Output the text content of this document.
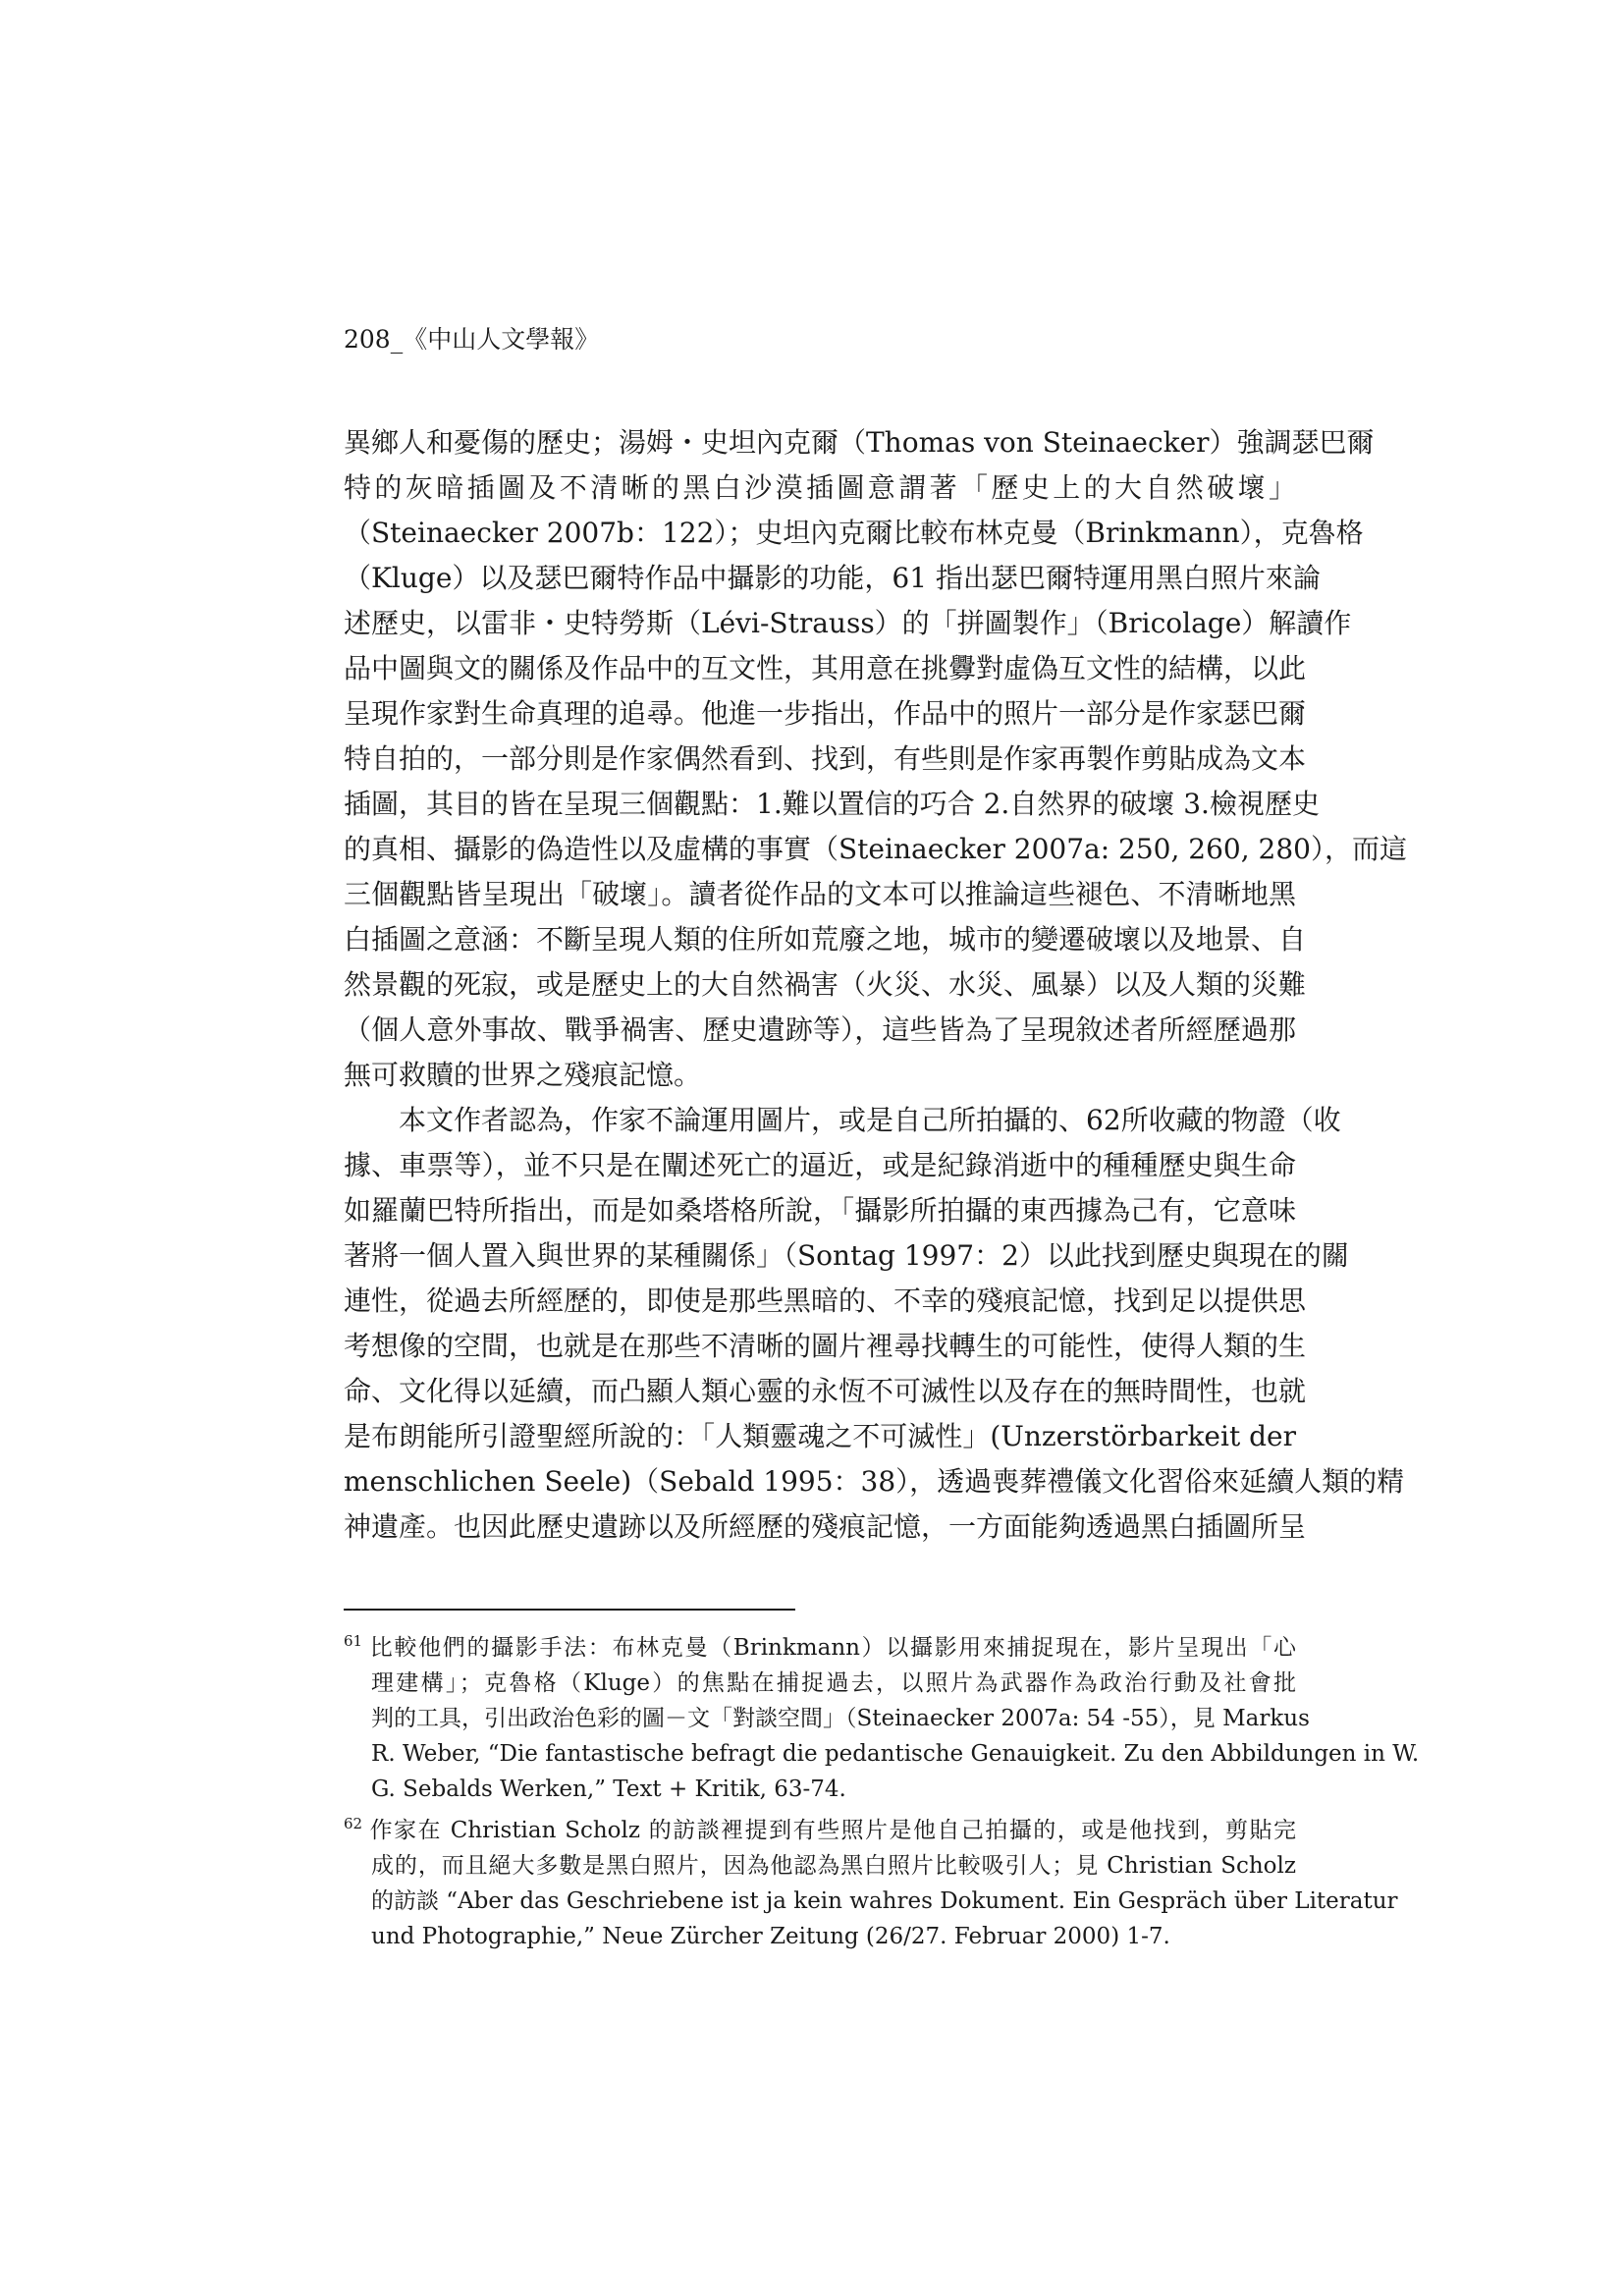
208_《中山人文學報》
異鄉人和憂傷的歷史；湯姆・史坦內克爾（Thomas von Steinaecker）強調瑟巴爾
特的灰暗插圖及不清晰的黑白沙漠插圖意謂著「歷史上的大自然破壞」
（Steinaecker 2007b：122）；史坦內克爾比較布林克曼（Brinkmann），克魯格
（Kluge）以及瑟巴爾特作品中攝影的功能，61 指出瑟巴爾特運用黑白照片來論
述歷史，以雷非・史特勞斯（Lévi-Strauss）的「拼圖製作」（Bricolage）解讀作
品中圖與文的關係及作品中的互文性，其用意在挑釁對虛偽互文性的結構，以此
呈現作家對生命真理的追尋。他進一步指出，作品中的照片一部分是作家瑟巴爾
特自拍的，一部分則是作家偶然看到、找到，有些則是作家再製作剪貼成為文本
插圖，其目的皆在呈現三個觀點：1.難以置信的巧合 2.自然界的破壞 3.檢視歷史
的真相、攝影的偽造性以及虛構的事實（Steinaecker 2007a: 250, 260, 280），而這
三個觀點皆呈現出「破壞」。讀者從作品的文本可以推論這些褪色、不清晰地黑
白插圖之意涵：不斷呈現人類的住所如荒廢之地，城市的變遷破壞以及地景、自
然景觀的死寂，或是歷史上的大自然禍害（火災、水災、風暴）以及人類的災難
（個人意外事故、戰爭禍害、歷史遺跡等），這些皆為了呈現敘述者所經歷過那
無可救贖的世界之殘痕記憶。
本文作者認為，作家不論運用圖片，或是自己所拍攝的、62所收藏的物證（收
據、車票等），並不只是在闡述死亡的逼近，或是紀錄消逝中的種種歷史與生命
如羅蘭巴特所指出，而是如桑塔格所說，「攝影所拍攝的東西據為己有，它意味
著將一個人置入與世界的某種關係」（Sontag 1997：2）以此找到歷史與現在的關
連性，從過去所經歷的，即使是那些黑暗的、不幸的殘痕記憶，找到足以提供思
考想像的空間，也就是在那些不清晰的圖片裡尋找轉生的可能性，使得人類的生
命、文化得以延續，而凸顯人類心靈的永恆不可滅性以及存在的無時間性，也就
是布朗能所引證聖經所說的：「人類靈魂之不可滅性」(Unzerstörbarkeit der
menschlichen Seele)（Sebald 1995：38），透過喪葬禮儀文化習俗來延續人類的精
神遺產。也因此歷史遺跡以及所經歷的殘痕記憶，一方面能夠透過黑白插圖所呈
$^{61}$ 比較他們的攝影手法：布林克曼（Brinkmann）以攝影用來捕捉現在，影片呈現出「心
理建構」；克魯格（Kluge）的焦點在捕捉過去，以照片為武器作為政治行動及社會批
判的工具，引出政治色彩的圖－文「對談空間」（Steinaecker 2007a: 54 -55），見 Markus
R. Weber, “Die fantastische befragt die pedantische Genauigkeit. Zu den Abbildungen in W.
G. Sebalds Werken,” Text + Kritik, 63-74.
$^{62}$ 作家在 Christian Scholz 的訪談裡提到有些照片是他自己拍攝的，或是他找到，剪貼完
成的，而且絕大多數是黑白照片，因為他認為黑白照片比較吸引人；見 Christian Scholz
的訪談 “Aber das Geschriebene ist ja kein wahres Dokument. Ein Gespräch über Literatur
und Photographie,” Neue Zürcher Zeitung (26/27. Februar 2000) 1-7.
